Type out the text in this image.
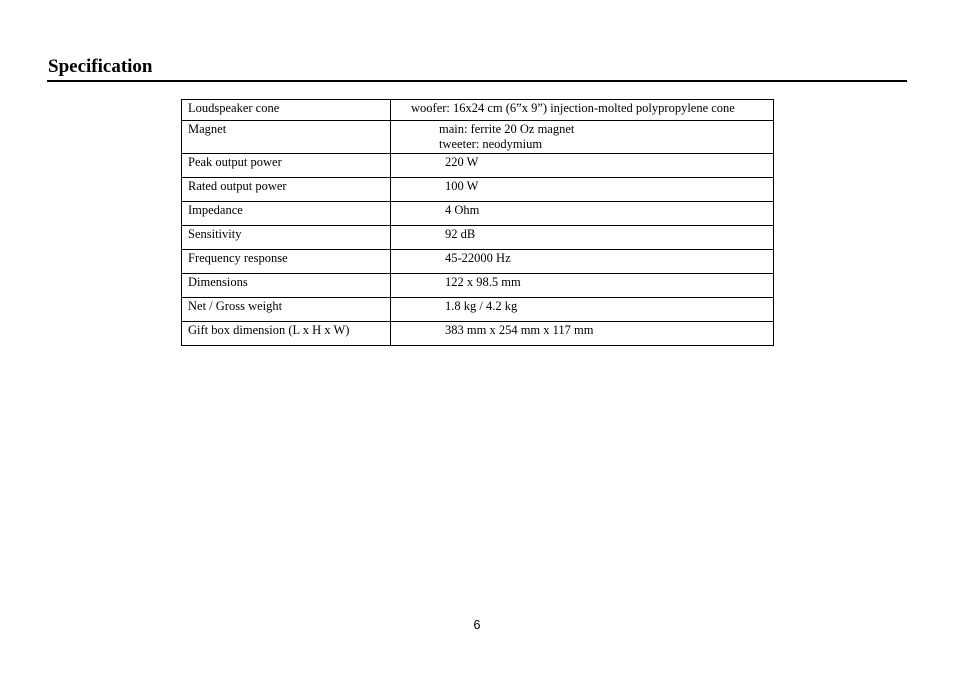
Specification
Loudspeaker cone	woofer: 16x24 cm (6”x 9”) injection-molted polypropylene cone

Magnet	main: ferrite 20 Oz magnet
tweeter: neodymium

Peak output power	220 W
Rated output power	100 W
Impedance	4 Ohm
Sensitivity	92 dB
Frequency response	45-22000 Hz
Dimensions	122 x 98.5 mm
Net / Gross weight	1.8 kg / 4.2 kg
Gift box dimension (L x H x W)	383 mm x 254 mm x 117 mm
6
